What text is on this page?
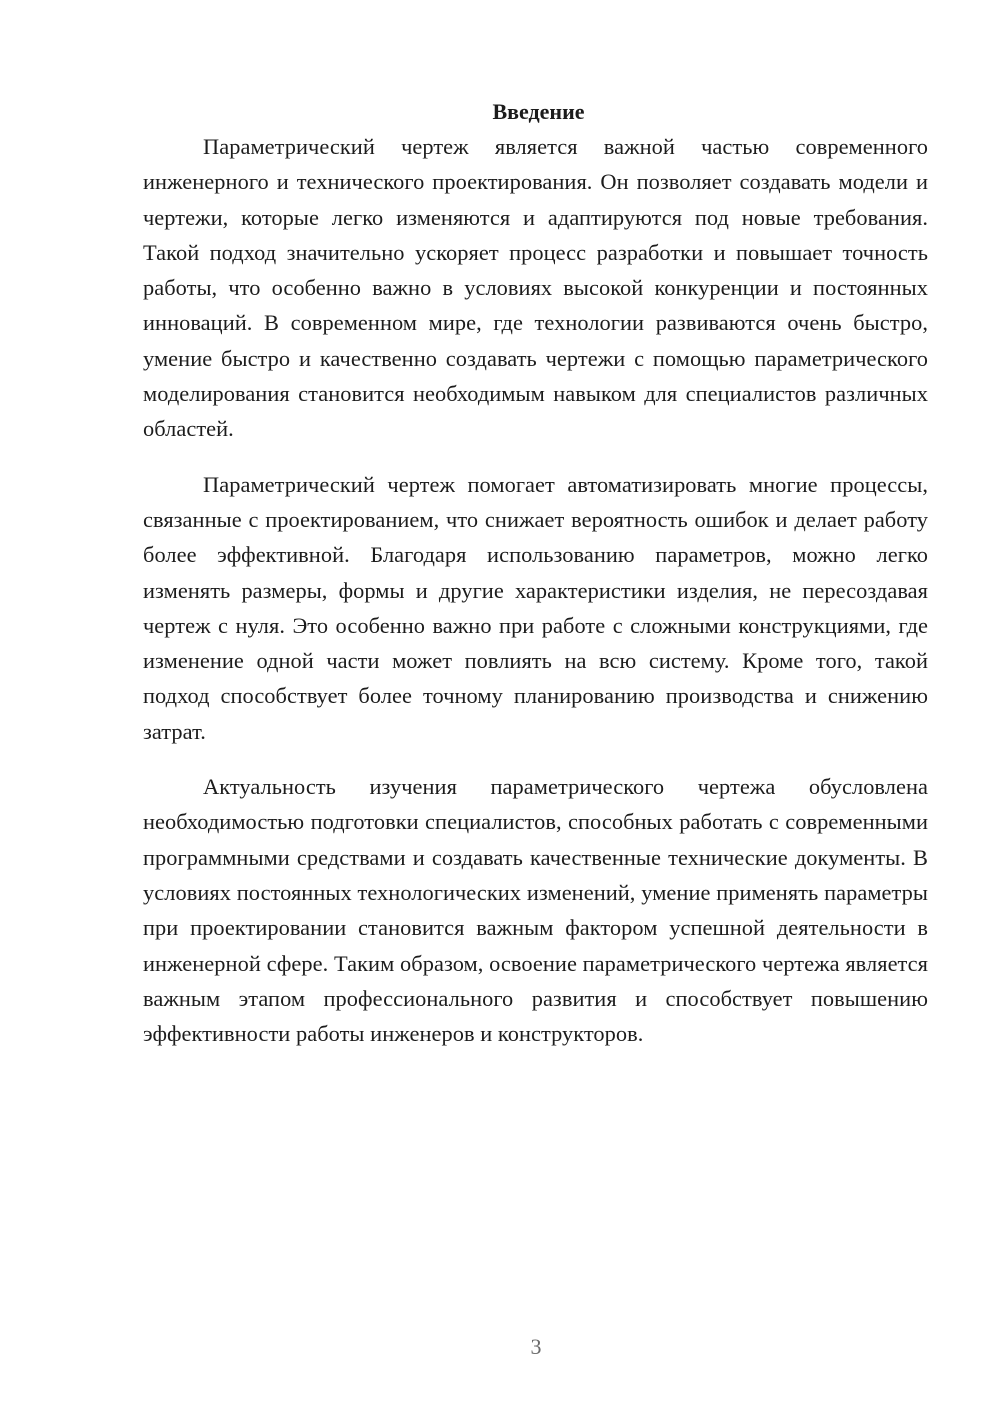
Введение

Параметрический чертеж является важной частью современного инженерного и технического проектирования. Он позволяет создавать модели и чертежи, которые легко изменяются и адаптируются под новые требования. Такой подход значительно ускоряет процесс разработки и повышает точность работы, что особенно важно в условиях высокой конкуренции и постоянных инноваций. В современном мире, где технологии развиваются очень быстро, умение быстро и качественно создавать чертежи с помощью параметрического моделирования становится необходимым навыком для специалистов различных областей.

Параметрический чертеж помогает автоматизировать многие процессы, связанные с проектированием, что снижает вероятность ошибок и делает работу более эффективной. Благодаря использованию параметров, можно легко изменять размеры, формы и другие характеристики изделия, не пересоздавая чертеж с нуля. Это особенно важно при работе с сложными конструкциями, где изменение одной части может повлиять на всю систему. Кроме того, такой подход способствует более точному планированию производства и снижению затрат.

Актуальность изучения параметрического чертежа обусловлена необходимостью подготовки специалистов, способных работать с современными программными средствами и создавать качественные технические документы. В условиях постоянных технологических изменений, умение применять параметры при проектировании становится важным фактором успешной деятельности в инженерной сфере. Таким образом, освоение параметрического чертежа является важным этапом профессионального развития и способствует повышению эффективности работы инженеров и конструкторов.

3
